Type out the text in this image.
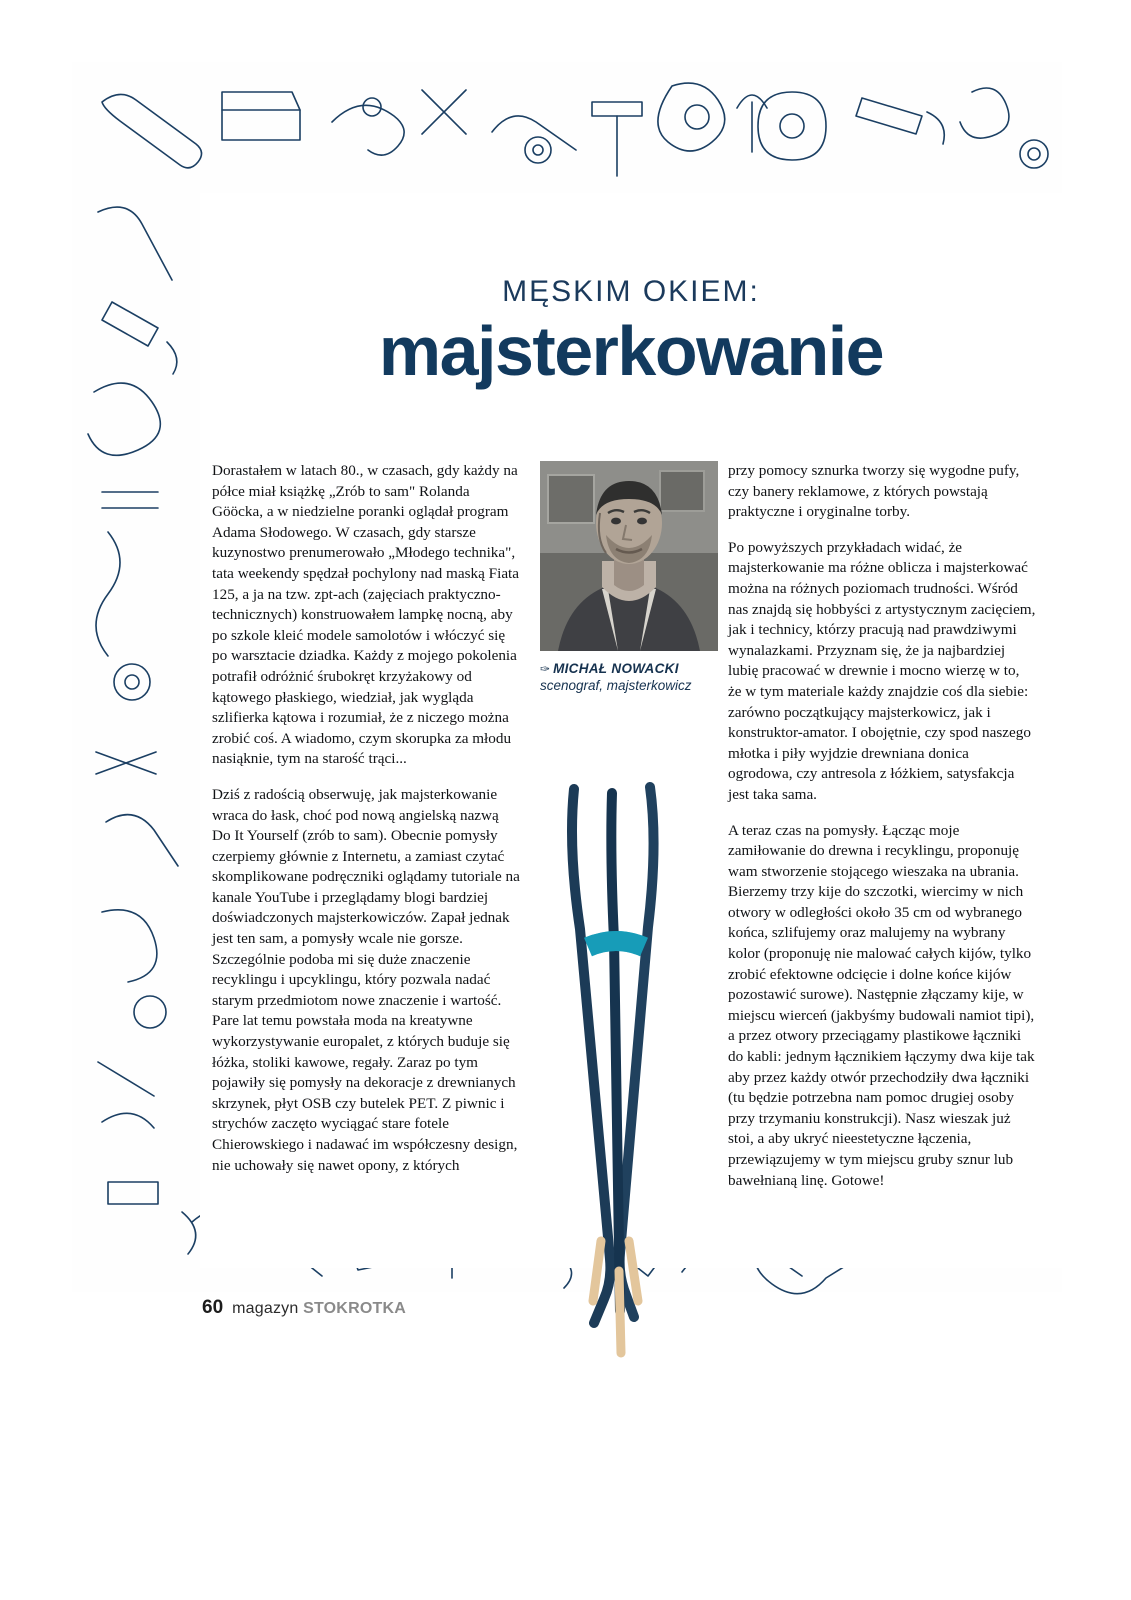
MĘSKIM OKIEM:
majsterkowanie
✑ MICHAŁ NOWACKI
scenograf, majsterkowicz

Dorastałem w latach 80., w czasach, gdy każdy na półce miał książkę „Zrób to sam" Rolanda Gööcka, a w niedzielne poranki oglądał program Adama Słodowego. W czasach, gdy starsze kuzynostwo prenumerowało „Młodego technika", tata weekendy spędzał pochylony nad maską Fiata 125, a ja na tzw. zpt-ach (zajęciach praktyczno-technicznych) konstruowałem lampkę nocną, aby po szkole kleić modele samolotów i włóczyć się po warsztacie dziadka. Każdy z mojego pokolenia potrafił odróżnić śrubokręt krzyżakowy od kątowego płaskiego, wiedział, jak wygląda szlifierka kątowa i rozumiał, że z niczego można zrobić coś. A wiadomo, czym skorupka za młodu nasiąknie, tym na starość trąci...

Dziś z radością obserwuję, jak majsterkowanie wraca do łask, choć pod nową angielską nazwą Do It Yourself (zrób to sam). Obecnie pomysły czerpiemy głównie z Internetu, a zamiast czytać skomplikowane podręczniki oglądamy tutoriale na kanale YouTube i przeglądamy blogi bardziej doświadczonych majsterkowiczów. Zapał jednak jest ten sam, a pomysły wcale nie gorsze. Szczególnie podoba mi się duże znaczenie recyklingu i upcyklingu, który pozwala nadać starym przedmiotom nowe znaczenie i wartość. Pare lat temu powstała moda na kreatywne wykorzystywanie europalet, z których buduje się łóżka, stoliki kawowe, regały. Zaraz po tym pojawiły się pomysły na dekoracje z drewnianych skrzynek, płyt OSB czy butelek PET. Z piwnic i strychów zaczęto wyciągać stare fotele Chierowskiego i nadawać im współczesny design, nie uchowały się nawet opony, z których

przy pomocy sznurka tworzy się wygodne pufy, czy banery reklamowe, z których powstają praktyczne i oryginalne torby.

Po powyższych przykładach widać, że majsterkowanie ma różne oblicza i majsterkować można na różnych poziomach trudności. Wśród nas znajdą się hobbyści z artystycznym zacięciem, jak i technicy, którzy pracują nad prawdziwymi wynalazkami. Przyznam się, że ja najbardziej lubię pracować w drewnie i mocno wierzę w to, że w tym materiale każdy znajdzie coś dla siebie: zarówno początkujący majsterkowicz, jak i konstruktor-amator. I obojętnie, czy spod naszego młotka i piły wyjdzie drewniana donica ogrodowa, czy antresola z łóżkiem, satysfakcja jest taka sama.

A teraz czas na pomysły. Łącząc moje zamiłowanie do drewna i recyklingu, proponuję wam stworzenie stojącego wieszaka na ubrania. Bierzemy trzy kije do szczotki, wiercimy w nich otwory w odległości około 35 cm od wybranego końca, szlifujemy oraz malujemy na wybrany kolor (proponuję nie malować całych kijów, tylko zrobić efektowne odcięcie i dolne końce kijów pozostawić surowe). Następnie złączamy kije, w miejscu wierceń (jakbyśmy budowali namiot tipi), a przez otwory przeciągamy plastikowe łączniki do kabli: jednym łącznikiem łączymy dwa kije tak aby przez każdy otwór przechodziły dwa łączniki (tu będzie potrzebna nam pomoc drugiej osoby przy trzymaniu konstrukcji). Nasz wieszak już stoi, a aby ukryć nieestetyczne łączenia, przewiązujemy w tym miejscu gruby sznur lub bawełnianą linę. Gotowe!

60 magazyn STOKROTKA
